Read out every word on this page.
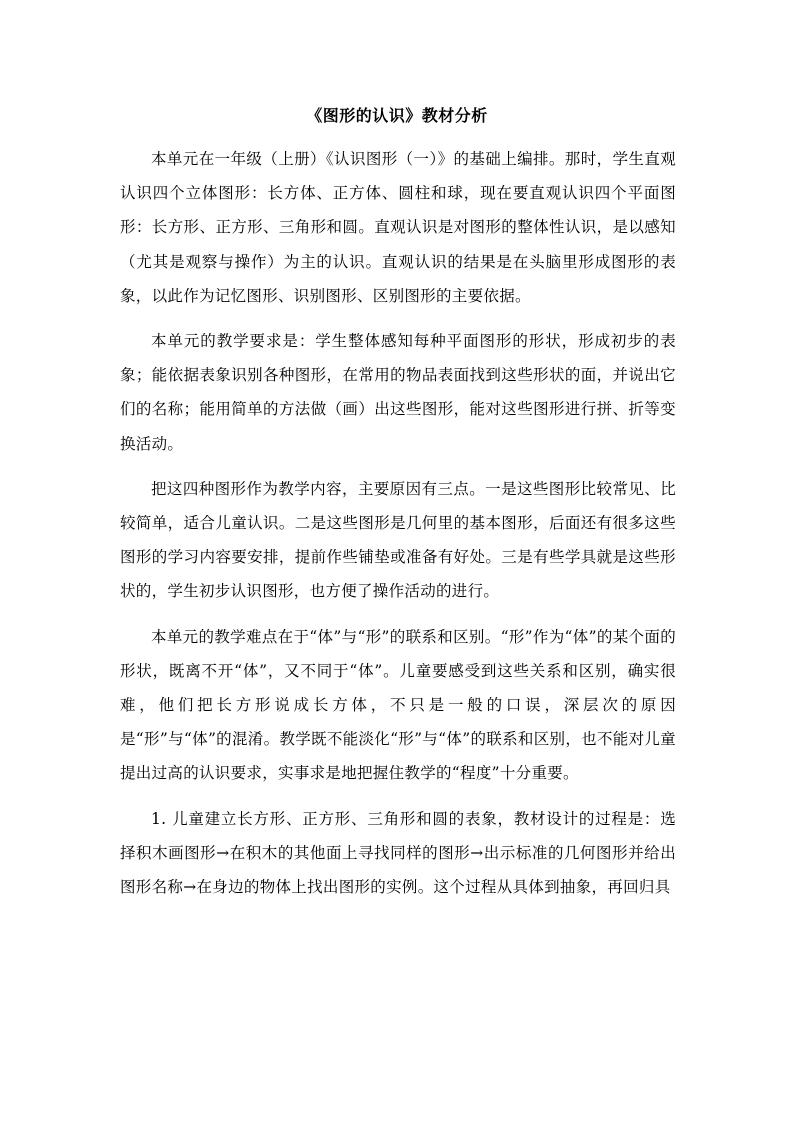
《图形的认识》教材分析

本单元在一年级（上册）《认识图形（一）》的基础上编排。那时，学生直观认识四个立体图形：长方体、正方体、圆柱和球，现在要直观认识四个平面图形：长方形、正方形、三角形和圆。直观认识是对图形的整体性认识，是以感知（尤其是观察与操作）为主的认识。直观认识的结果是在头脑里形成图形的表象，以此作为记忆图形、识别图形、区别图形的主要依据。

本单元的教学要求是：学生整体感知每种平面图形的形状，形成初步的表象；能依据表象识别各种图形，在常用的物品表面找到这些形状的面，并说出它们的名称；能用简单的方法做（画）出这些图形，能对这些图形进行拼、折等变换活动。

把这四种图形作为教学内容，主要原因有三点。一是这些图形比较常见、比较简单，适合儿童认识。二是这些图形是几何里的基本图形，后面还有很多这些图形的学习内容要安排，提前作些铺垫或准备有好处。三是有些学具就是这些形状的，学生初步认识图形，也方便了操作活动的进行。

本单元的教学难点在于“体”与“形”的联系和区别。“形”作为“体”的某个面的形状，既离不开“体”，又不同于“体”。儿童要感受到这些关系和区别，确实很难，他们把长方形说成长方体，不只是一般的口误，深层次的原因是“形”与“体”的混淆。教学既不能淡化“形”与“体”的联系和区别，也不能对儿童提出过高的认识要求，实事求是地把握住教学的“程度”十分重要。

1. 儿童建立长方形、正方形、三角形和圆的表象，教材设计的过程是：选择积木画图形→在积木的其他面上寻找同样的图形→出示标准的几何图形并给出图形名称→在身边的物体上找出图形的实例。这个过程从具体到抽象，再回归具
